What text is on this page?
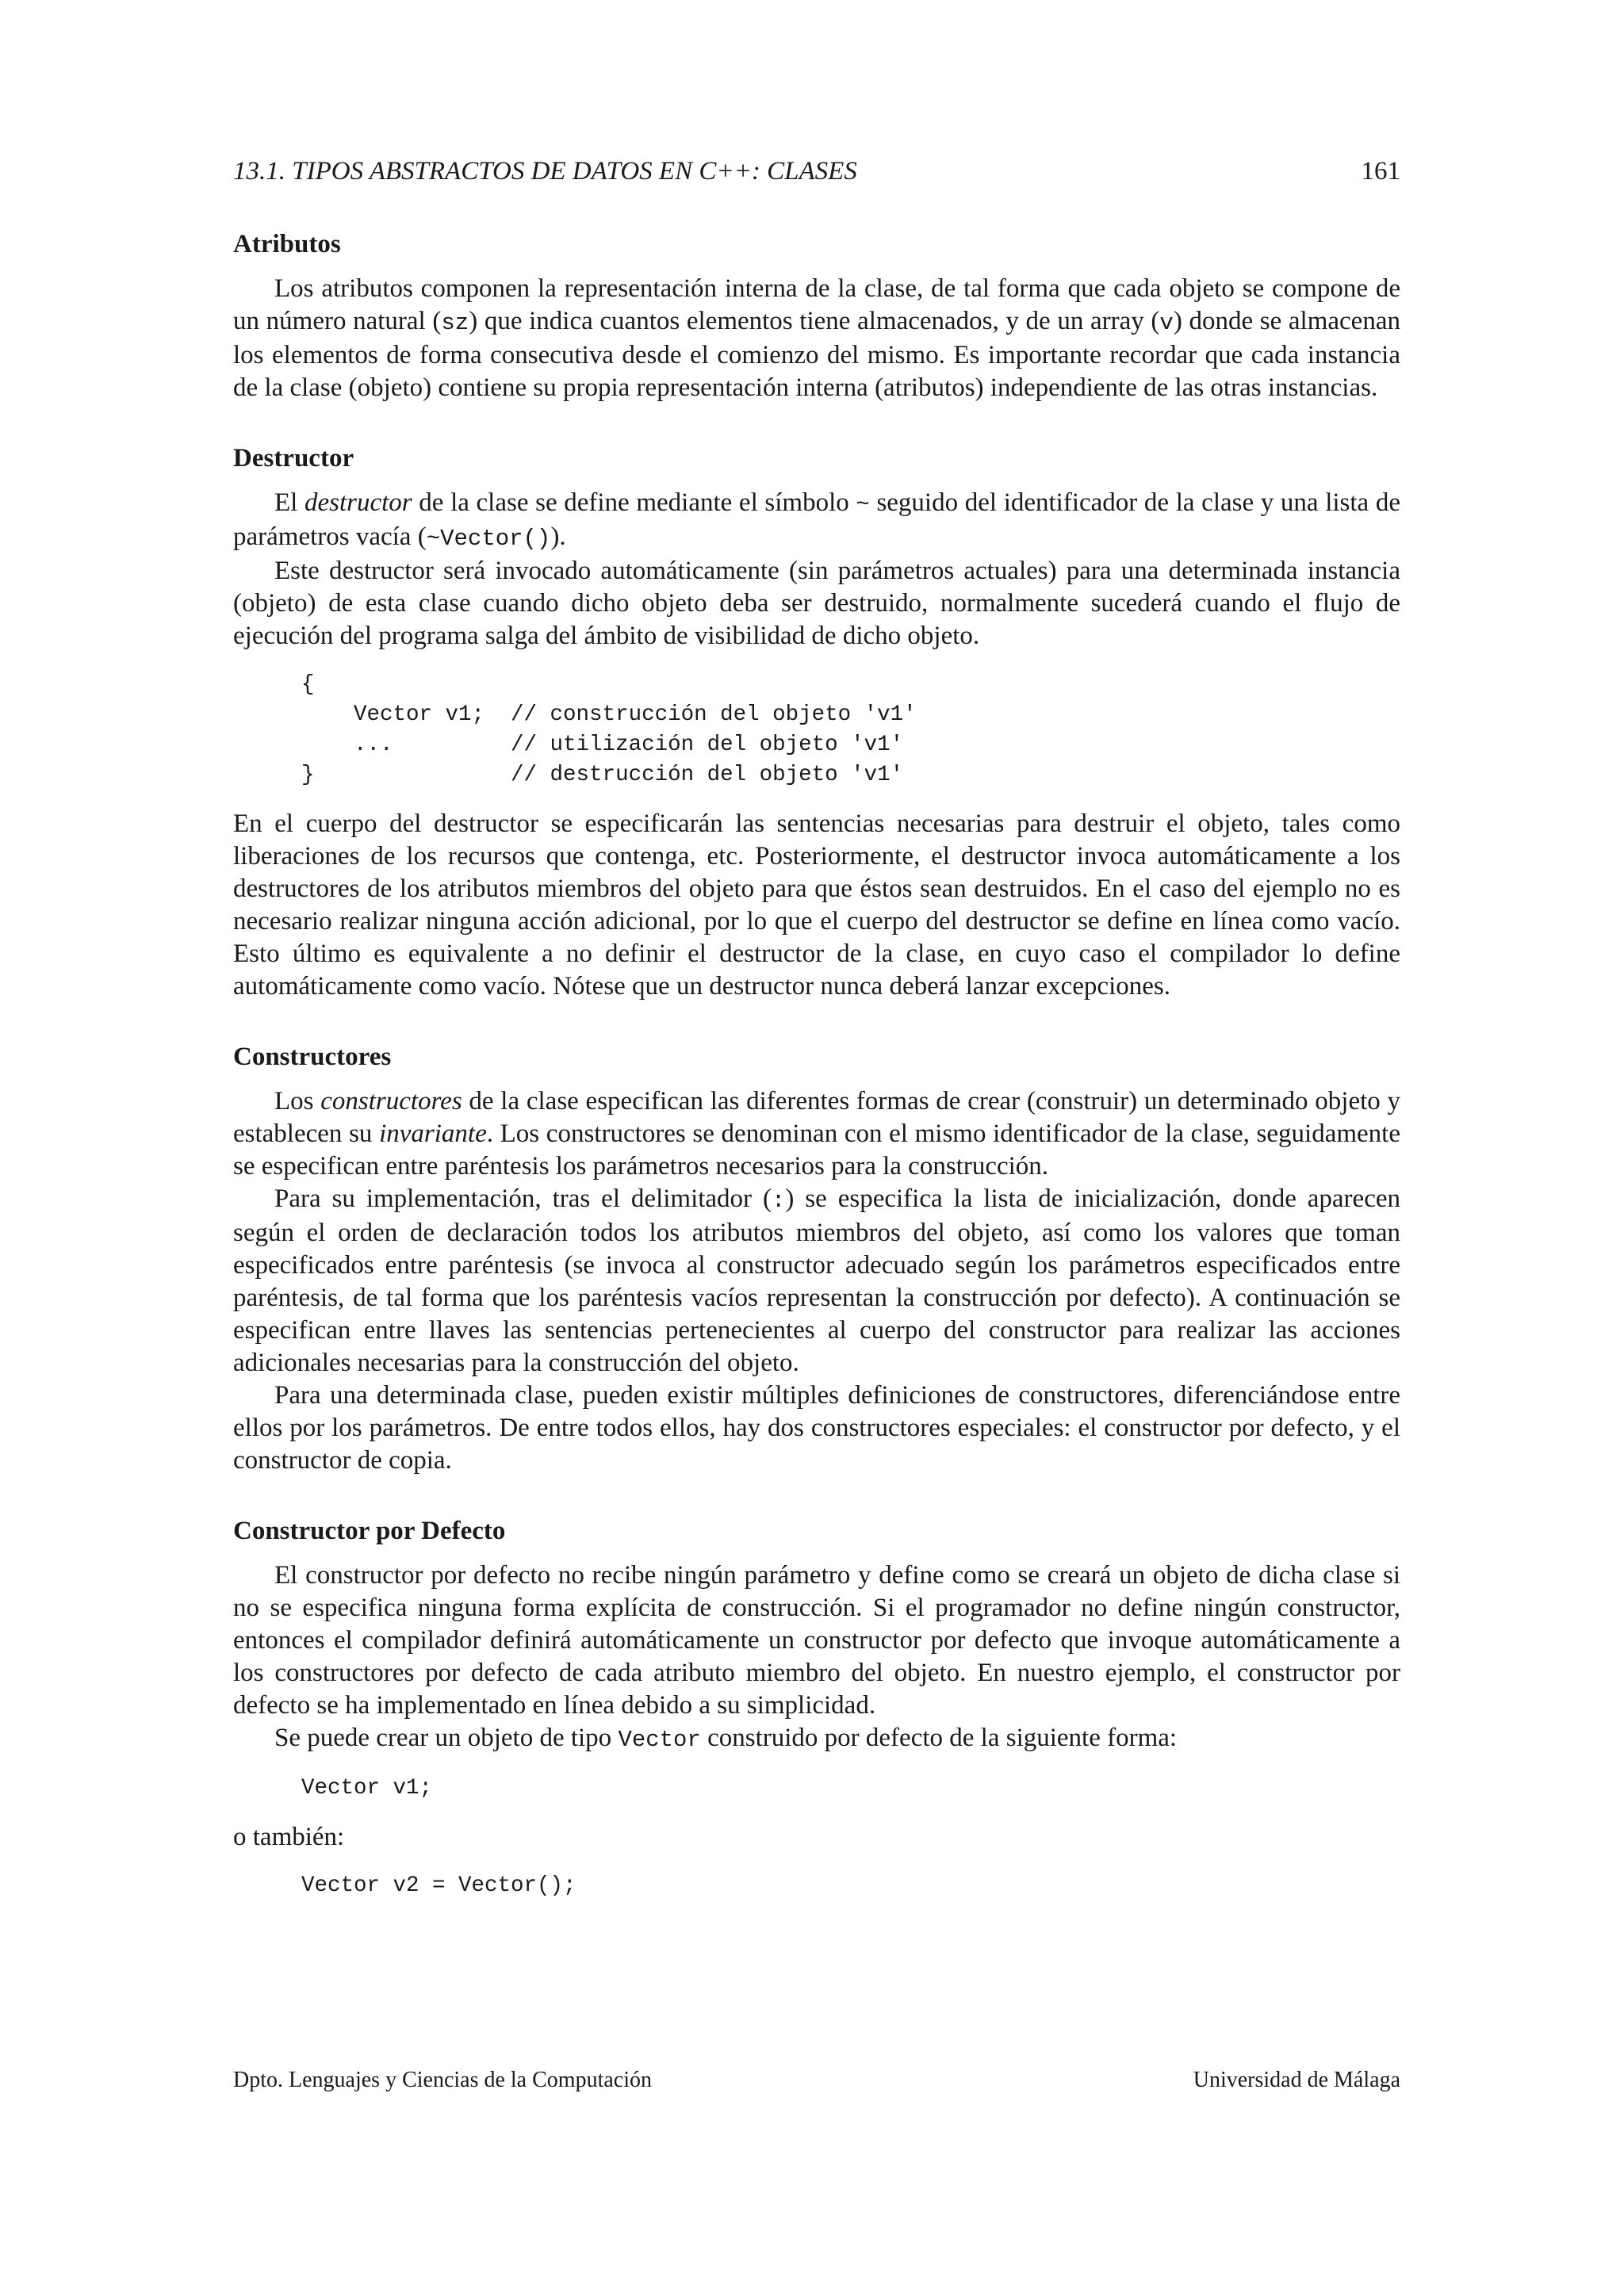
13.1. TIPOS ABSTRACTOS DE DATOS EN C++: CLASES	161
Atributos

Los atributos componen la representación interna de la clase, de tal forma que cada objeto se compone de un número natural (sz) que indica cuantos elementos tiene almacenados, y de un array (v) donde se almacenan los elementos de forma consecutiva desde el comienzo del mismo. Es importante recordar que cada instancia de la clase (objeto) contiene su propia representación interna (atributos) independiente de las otras instancias.

Destructor

El destructor de la clase se define mediante el símbolo ~ seguido del identificador de la clase y una lista de parámetros vacía (~Vector()).

Este destructor será invocado automáticamente (sin parámetros actuales) para una determinada instancia (objeto) de esta clase cuando dicho objeto deba ser destruido, normalmente sucederá cuando el flujo de ejecución del programa salga del ámbito de visibilidad de dicho objeto.

{
Vector v1;  // construcción del objeto 'v1'
...         // utilización del objeto 'v1'
}               // destrucción del objeto 'v1'

En el cuerpo del destructor se especificarán las sentencias necesarias para destruir el objeto, tales como liberaciones de los recursos que contenga, etc. Posteriormente, el destructor invoca automáticamente a los destructores de los atributos miembros del objeto para que éstos sean destruidos. En el caso del ejemplo no es necesario realizar ninguna acción adicional, por lo que el cuerpo del destructor se define en línea como vacío. Esto último es equivalente a no definir el destructor de la clase, en cuyo caso el compilador lo define automáticamente como vacío. Nótese que un destructor nunca deberá lanzar excepciones.

Constructores

Los constructores de la clase especifican las diferentes formas de crear (construir) un determinado objeto y establecen su invariante. Los constructores se denominan con el mismo identificador de la clase, seguidamente se especifican entre paréntesis los parámetros necesarios para la construcción.

Para su implementación, tras el delimitador (:) se especifica la lista de inicialización, donde aparecen según el orden de declaración todos los atributos miembros del objeto, así como los valores que toman especificados entre paréntesis (se invoca al constructor adecuado según los parámetros especificados entre paréntesis, de tal forma que los paréntesis vacíos representan la construcción por defecto). A continuación se especifican entre llaves las sentencias pertenecientes al cuerpo del constructor para realizar las acciones adicionales necesarias para la construcción del objeto.

Para una determinada clase, pueden existir múltiples definiciones de constructores, diferenciándose entre ellos por los parámetros. De entre todos ellos, hay dos constructores especiales: el constructor por defecto, y el constructor de copia.

Constructor por Defecto

El constructor por defecto no recibe ningún parámetro y define como se creará un objeto de dicha clase si no se especifica ninguna forma explícita de construcción. Si el programador no define ningún constructor, entonces el compilador definirá automáticamente un constructor por defecto que invoque automáticamente a los constructores por defecto de cada atributo miembro del objeto. En nuestro ejemplo, el constructor por defecto se ha implementado en línea debido a su simplicidad.

Se puede crear un objeto de tipo Vector construido por defecto de la siguiente forma:

Vector v1;

o también:

Vector v2 = Vector();
Dpto. Lenguajes y Ciencias de la Computación	Universidad de Málaga
